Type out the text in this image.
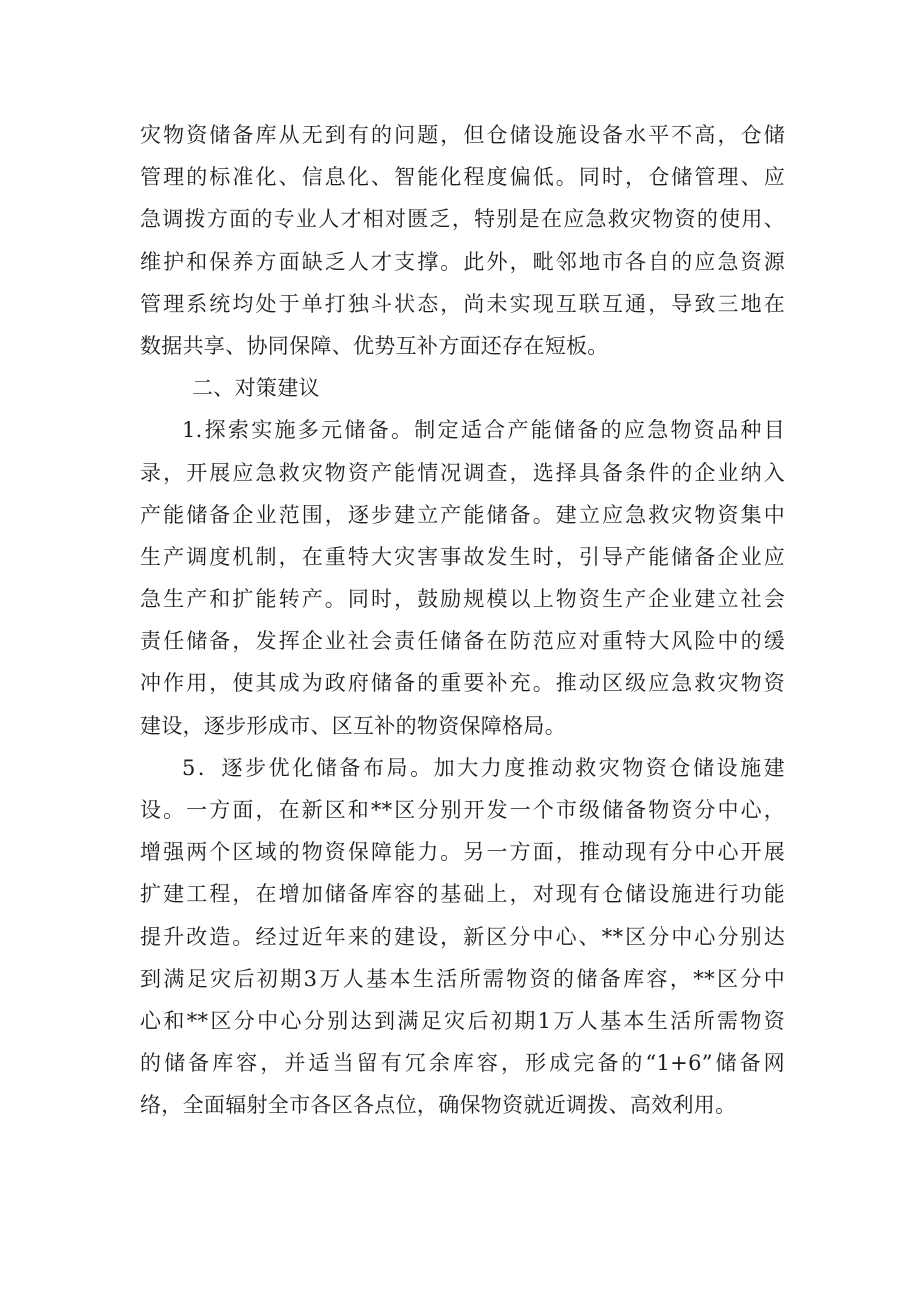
灾物资储备库从无到有的问题，但仓储设施设备水平不高，仓储
管理的标准化、信息化、智能化程度偏低。同时，仓储管理、应
急调拨方面的专业人才相对匮乏，特别是在应急救灾物资的使用、
维护和保养方面缺乏人才支撑。此外，毗邻地市各自的应急资源
管理系统均处于单打独斗状态，尚未实现互联互通，导致三地在
数据共享、协同保障、优势互补方面还存在短板。
二、对策建议
1.探索实施多元储备。制定适合产能储备的应急物资品种目
录，开展应急救灾物资产能情况调查，选择具备条件的企业纳入
产能储备企业范围，逐步建立产能储备。建立应急救灾物资集中
生产调度机制，在重特大灾害事故发生时，引导产能储备企业应
急生产和扩能转产。同时，鼓励规模以上物资生产企业建立社会
责任储备，发挥企业社会责任储备在防范应对重特大风险中的缓
冲作用，使其成为政府储备的重要补充。推动区级应急救灾物资
建设，逐步形成市、区互补的物资保障格局。
5．逐步优化储备布局。加大力度推动救灾物资仓储设施建
设。一方面，在新区和**区分别开发一个市级储备物资分中心，
增强两个区域的物资保障能力。另一方面，推动现有分中心开展
扩建工程，在增加储备库容的基础上，对现有仓储设施进行功能
提升改造。经过近年来的建设，新区分中心、**区分中心分别达
到满足灾后初期3万人基本生活所需物资的储备库容，**区分中
心和**区分中心分别达到满足灾后初期1万人基本生活所需物资
的储备库容，并适当留有冗余库容，形成完备的“1+6”储备网
络，全面辐射全市各区各点位，确保物资就近调拨、高效利用。
